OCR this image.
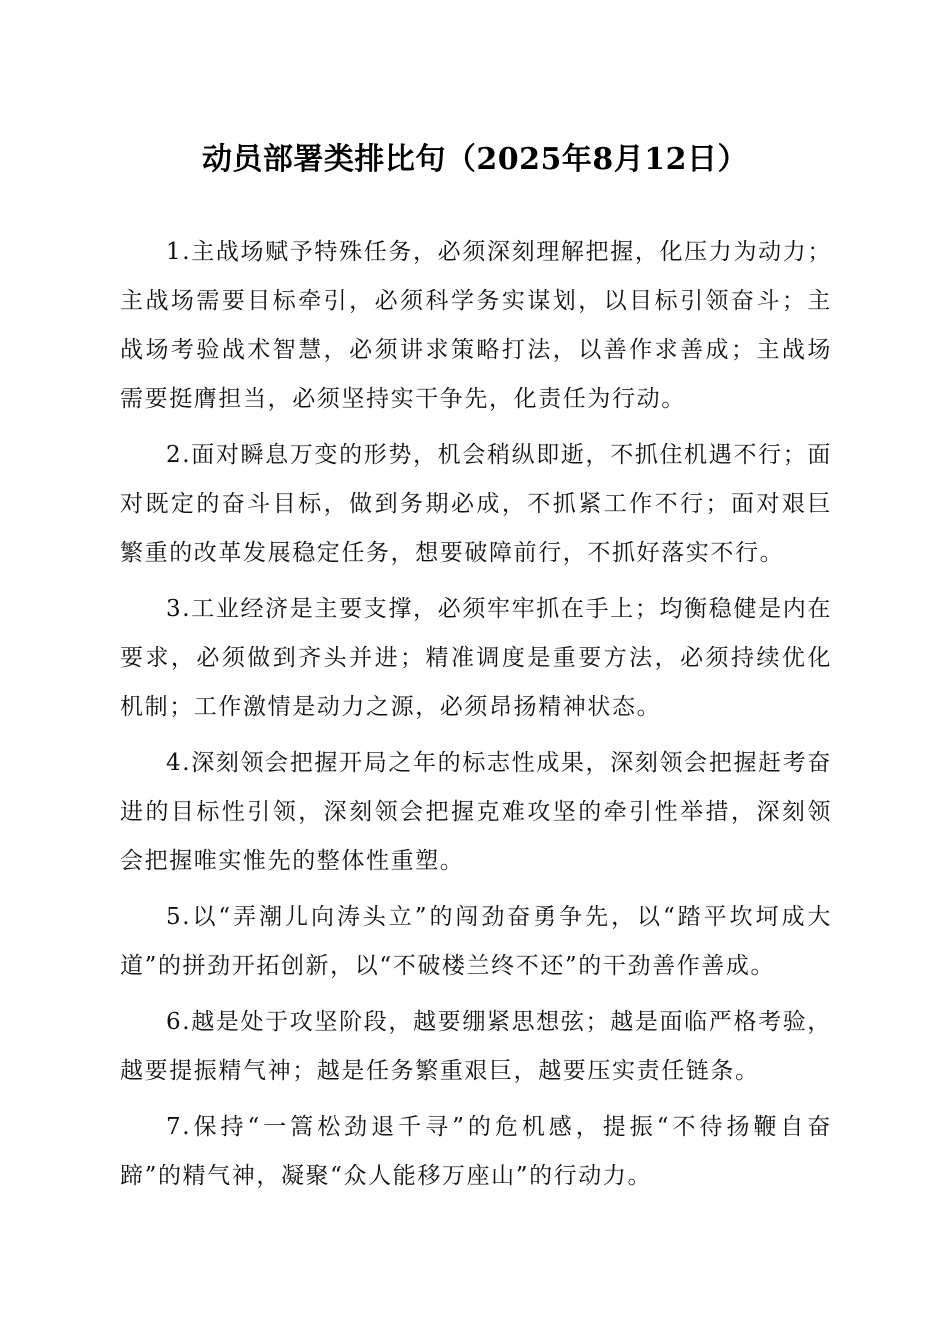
动员部署类排比句（2025年8月12日）

1.主战场赋予特殊任务，必须深刻理解把握，化压力为动力；主战场需要目标牵引，必须科学务实谋划，以目标引领奋斗；主战场考验战术智慧，必须讲求策略打法，以善作求善成；主战场需要挺膺担当，必须坚持实干争先，化责任为行动。

2.面对瞬息万变的形势，机会稍纵即逝，不抓住机遇不行；面对既定的奋斗目标，做到务期必成，不抓紧工作不行；面对艰巨繁重的改革发展稳定任务，想要破障前行，不抓好落实不行。

3.工业经济是主要支撑，必须牢牢抓在手上；均衡稳健是内在要求，必须做到齐头并进；精准调度是重要方法，必须持续优化机制；工作激情是动力之源，必须昂扬精神状态。

4.深刻领会把握开局之年的标志性成果，深刻领会把握赶考奋进的目标性引领，深刻领会把握克难攻坚的牵引性举措，深刻领会把握唯实惟先的整体性重塑。

5.以“弄潮儿向涛头立”的闯劲奋勇争先，以“踏平坎坷成大道”的拼劲开拓创新，以“不破楼兰终不还”的干劲善作善成。

6.越是处于攻坚阶段，越要绷紧思想弦；越是面临严格考验，越要提振精气神；越是任务繁重艰巨，越要压实责任链条。

7.保持“一篙松劲退千寻”的危机感，提振“不待扬鞭自奋蹄”的精气神，凝聚“众人能移万座山”的行动力。
